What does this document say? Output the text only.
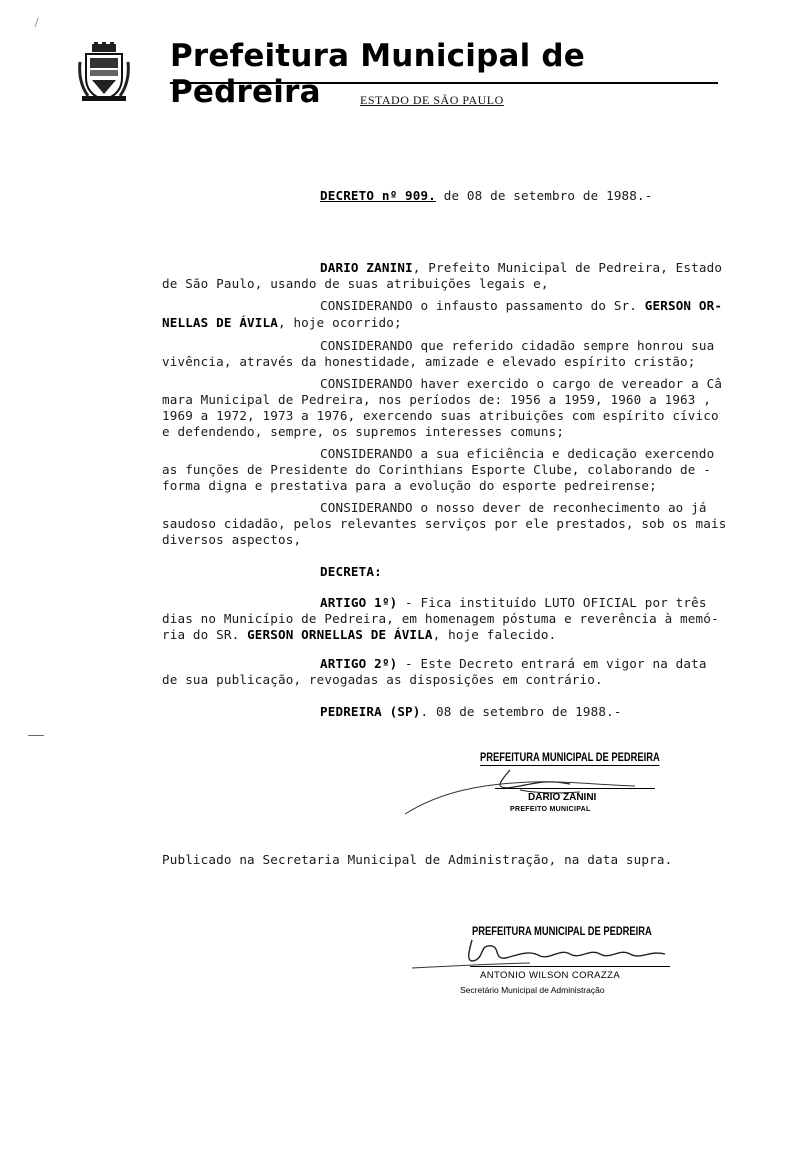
Prefeitura Municipal de Pedreira	ESTADO DE SÃO PAULO
DECRETO nº 909. de 08 de setembro de 1988.-
DARIO ZANINI, Prefeito Municipal de Pedreira, Estado
de São Paulo, usando de suas atribuições legais e,
CONSIDERANDO o infausto passamento do Sr. GERSON OR-
NELLAS DE ÁVILA, hoje ocorrido;
CONSIDERANDO que referido cidadão sempre honrou sua
vivência, através da honestidade, amizade e elevado espírito cristão;
CONSIDERANDO haver exercido o cargo de vereador a Câ
mara Municipal de Pedreira, nos períodos de: 1956 a 1959, 1960 a 1963 ,
1969 a 1972, 1973 a 1976, exercendo suas atribuições com espírito cívico
e defendendo, sempre, os supremos interesses comuns;
CONSIDERANDO a sua eficiência e dedicação exercendo
as funções de Presidente do Corinthians Esporte Clube, colaborando de -
forma digna e prestativa para a evolução do esporte pedreirense;
CONSIDERANDO o nosso dever de reconhecimento ao já
saudoso cidadão, pelos relevantes serviços por ele prestados, sob os mais
diversos aspectos,
DECRETA:
ARTIGO 1º) - Fica instituído LUTO OFICIAL por três
dias no Município de Pedreira, em homenagem póstuma e reverência à memó-
ria do SR. GERSON ORNELLAS DE ÁVILA, hoje falecido.
ARTIGO 2º) - Este Decreto entrará em vigor na data
de sua publicação, revogadas as disposições em contrário.
PEDREIRA (SP). 08 de setembro de 1988.-
PREFEITURA MUNICIPAL DE PEDREIRA
DARIO ZANINI
PREFEITO MUNICIPAL
Publicado na Secretaria Municipal de Administração, na data supra.
PREFEITURA MUNICIPAL DE PEDREIRA
ANTONIO WILSON CORAZZA
Secretário Municipal de Administração
